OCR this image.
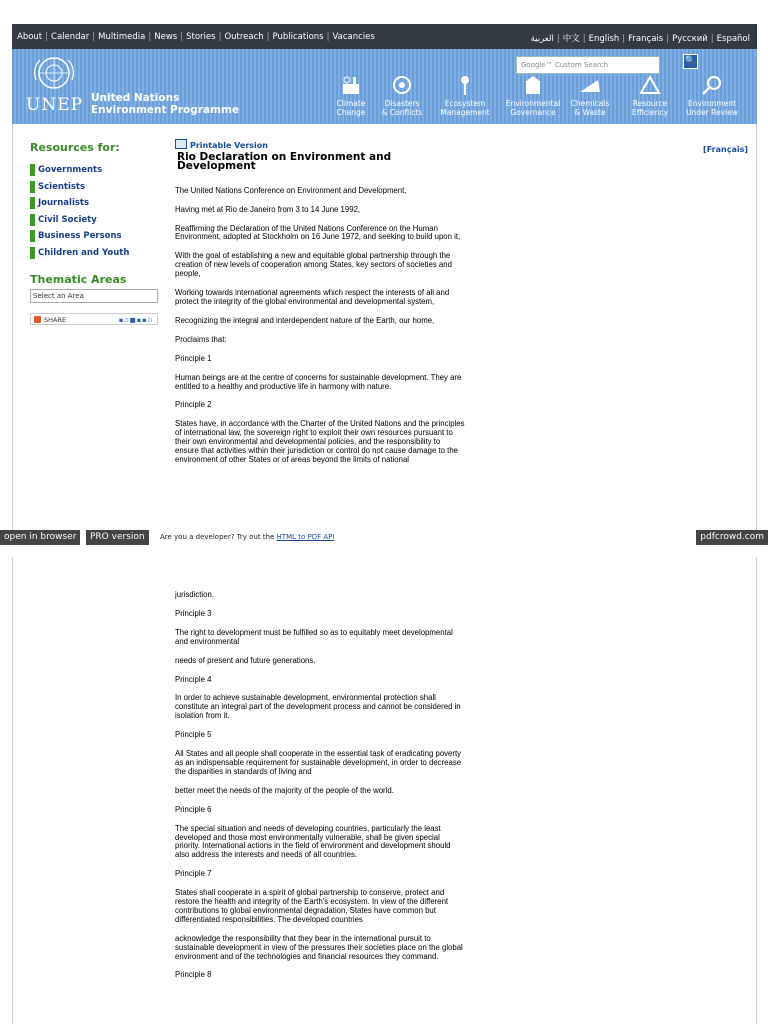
About | Calendar | Multimedia | News | Stories | Outreach | Publications | Vacancies	العربية | 中文 | English | Français | Русский | Español
UNEP United Nations
Environment Programme
Google™ Custom Search	🔍
Climate
Change
Disasters
& Conflicts
Ecosystem
Management
Environmental
Governance
Chemicals
& Waste
Resource
Efficiency
Environment
Under Review
Resources for:
Governments
Scientists
Journalists
Civil Society
Business Persons
Children and Youth
Thematic Areas
Select an Area
SHARE	▪▫■▪▪▫
Printable Version
Rio Declaration on Environment and Development
The United Nations Conference on Environment and Development,
Having met at Rio de Janeiro from 3 to 14 June 1992,
Reaffirming the Declaration of the United Nations Conference on the Human Environment, adopted at Stockholm on 16 June 1972, and seeking to build upon it,
With the goal of establishing a new and equitable global partnership through the creation of new levels of cooperation among States, key sectors of societies and people,
Working towards international agreements which respect the interests of all and protect the integrity of the global environmental and developmental system,
Recognizing the integral and interdependent nature of the Earth, our home,
Proclaims that:
Principle 1
Human beings are at the centre of concerns for sustainable development. They are entitled to a healthy and productive life in harmony with nature.
Principle 2
States have, in accordance with the Charter of the United Nations and the principles of international law, the sovereign right to exploit their own resources pursuant to their own environmental and developmental policies, and the responsibility to ensure that activities within their jurisdiction or control do not cause damage to the environment of other States or of areas beyond the limits of national
[Français]
jurisdiction.
Principle 3
The right to development must be fulfilled so as to equitably meet developmental and environmental
needs of present and future generations.
Principle 4
In order to achieve sustainable development, environmental protection shall constitute an integral part of the development process and cannot be considered in isolation from it.
Principle 5
All States and all people shall cooperate in the essential task of eradicating poverty as an indispensable requirement for sustainable development, in order to decrease the disparities in standards of living and
better meet the needs of the majority of the people of the world.
Principle 6
The special situation and needs of developing countries, particularly the least developed and those most environmentally vulnerable, shall be given special priority. International actions in the field of environment and development should also address the interests and needs of all countries.
Principle 7
States shall cooperate in a spirit of global partnership to conserve, protect and restore the health and integrity of the Earth's ecosystem. In view of the different contributions to global environmental degradation, States have common but differentiated responsibilities. The developed countries
acknowledge the responsibility that they bear in the international pursuit to sustainable development in view of the pressures their societies place on the global environment and of the technologies and financial resources they command.
Principle 8
open in browser	PRO version	Are you a developer? Try out the HTML to PDF API	pdfcrowd.com
